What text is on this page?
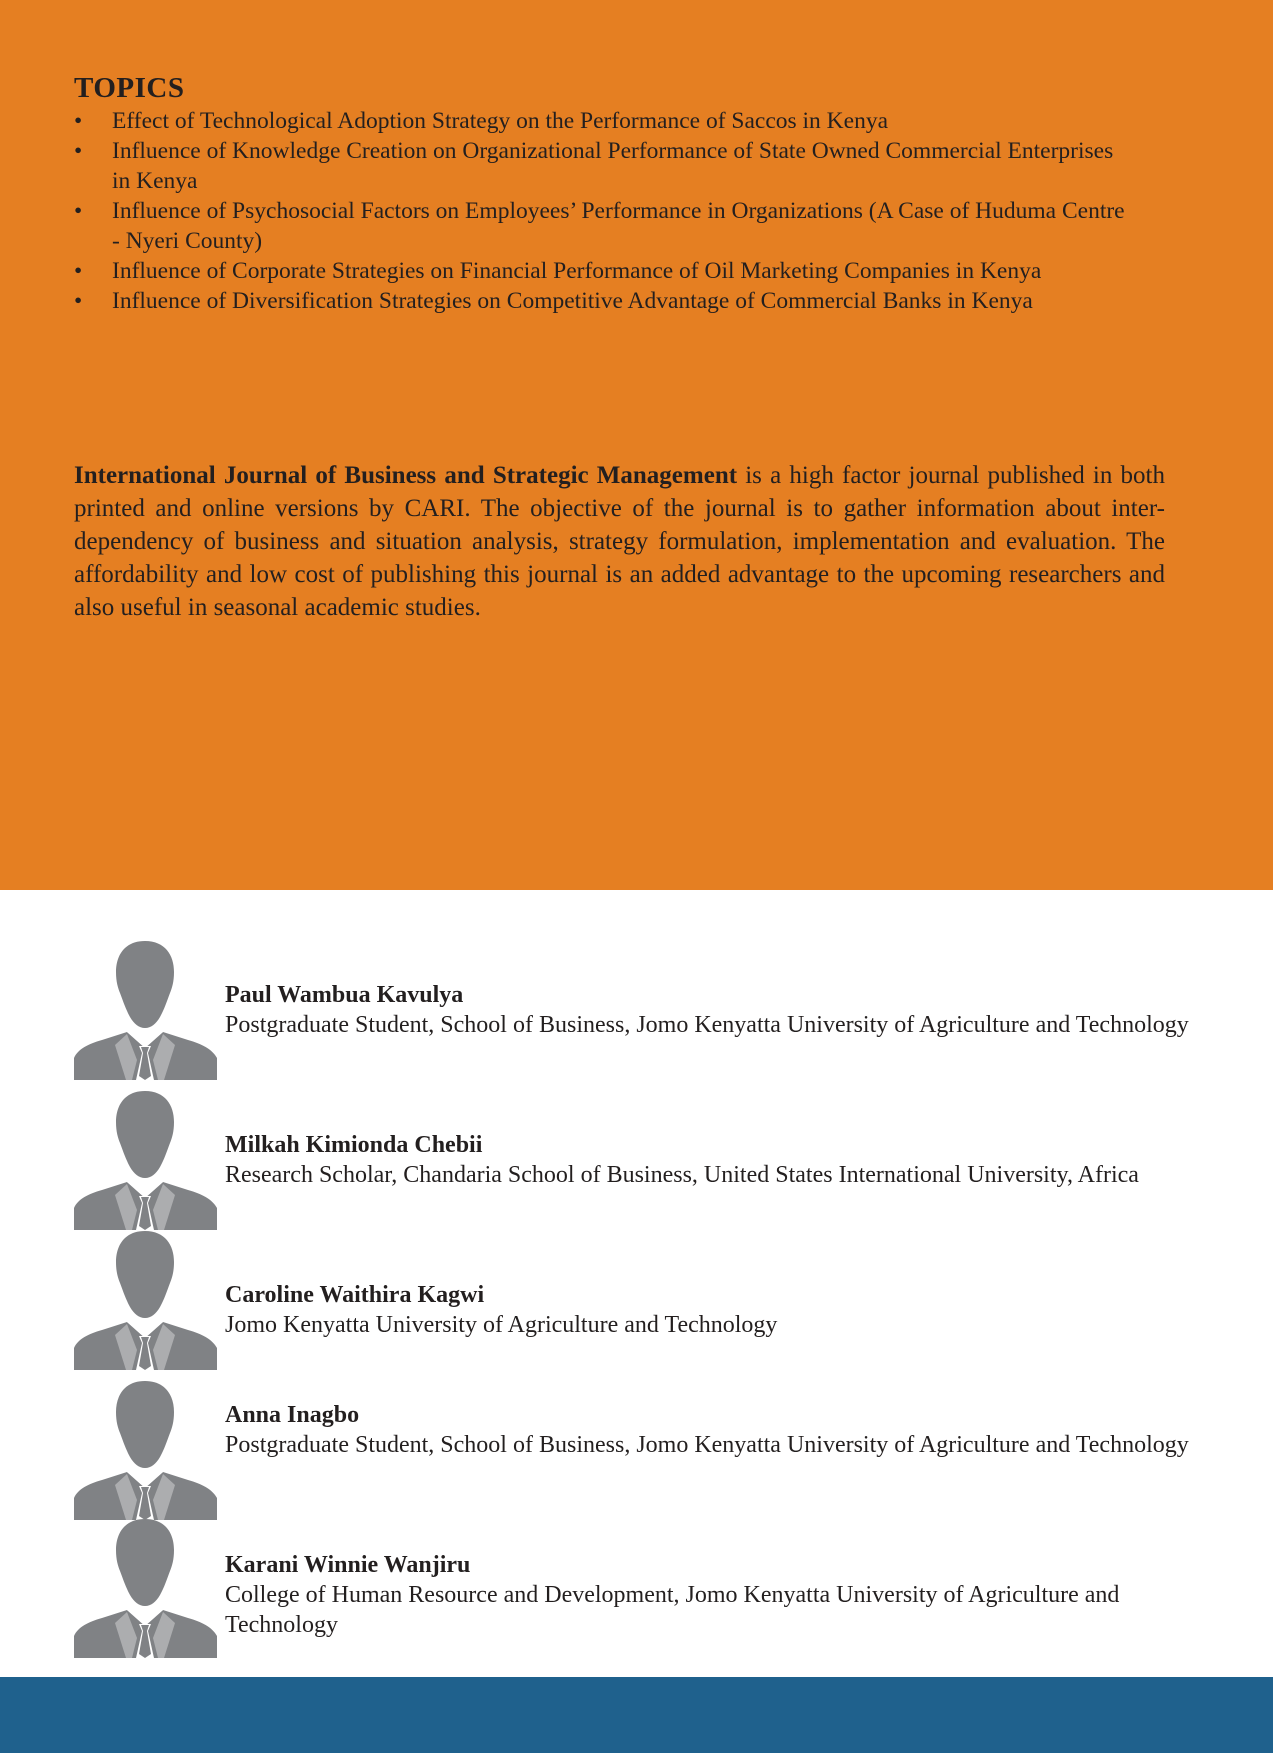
TOPICS
•	Effect of Technological Adoption Strategy on the Performance of Saccos in Kenya
•	Influence of Knowledge Creation on Organizational Performance of State Owned Commercial Enterprises in Kenya
•	Influence of Psychosocial Factors on Employees’ Performance in Organizations (A Case of Huduma Centre - Nyeri County)
•	Influence of Corporate Strategies on Financial Performance of Oil Marketing Companies in Kenya
•	Influence of Diversification Strategies on Competitive Advantage of Commercial Banks in Kenya

International Journal of Business and Strategic Management is a high factor journal published in both printed and online versions by CARI. The objective of the journal is to gather information about inter-dependency of business and situation analysis, strategy formulation, implementation and evaluation. The affordability and low cost of publishing this journal is an added advantage to the upcoming researchers and also useful in seasonal academic studies.

Paul Wambua Kavulya
Postgraduate Student, School of Business, Jomo Kenyatta University of Agriculture and Technology
Milkah Kimionda Chebii
Research Scholar, Chandaria School of Business, United States International University, Africa
Caroline Waithira Kagwi
Jomo Kenyatta University of Agriculture and Technology
Anna Inagbo
Postgraduate Student, School of Business, Jomo Kenyatta University of Agriculture and Technology
Karani Winnie Wanjiru
College of Human Resource and Development, Jomo Kenyatta University of Agriculture and Technology
